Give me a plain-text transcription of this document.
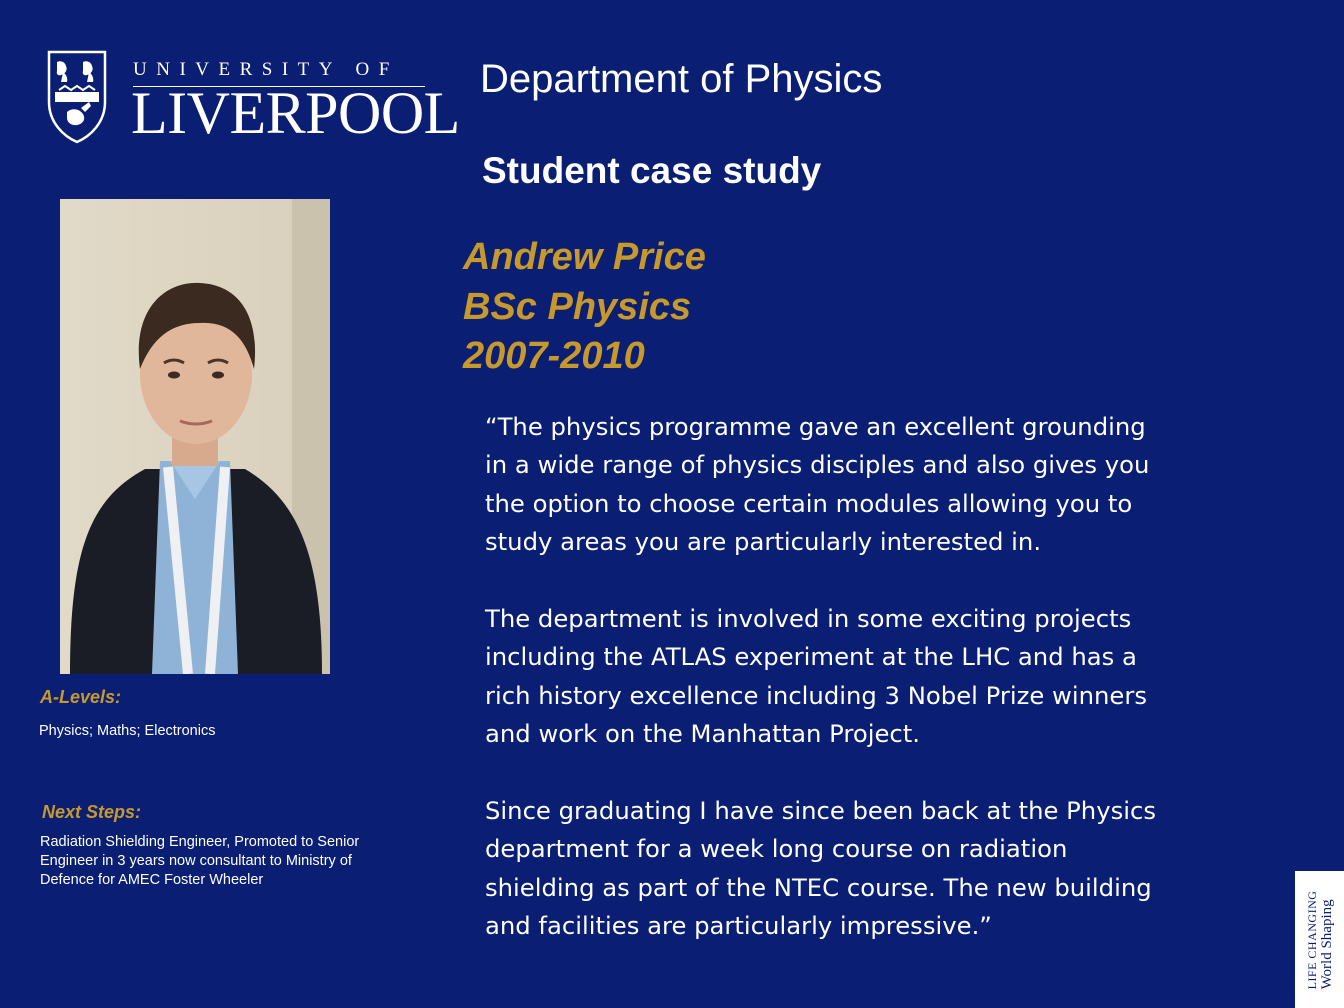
UNIVERSITY OF
LIVERPOOL
Department of Physics
Student case study
Andrew Price
BSc Physics
2007-2010

“The physics programme gave an excellent grounding

in a wide range of physics disciples and also gives you

the option to choose certain modules allowing you to

study areas you are particularly interested in.

The department is involved in some exciting projects

including the ATLAS experiment at the LHC and has a

rich history excellence including 3 Nobel Prize winners

and work on the Manhattan Project.

Since graduating I have since been back at the Physics

department for a week long course on radiation

shielding as part of the NTEC course. The new building

and facilities are particularly impressive.”

A-Levels:
Physics; Maths; Electronics
Next Steps:
Radiation Shielding Engineer, Promoted to Senior
Engineer in 3 years now consultant to Ministry of
Defence for AMEC Foster Wheeler
LIFE CHANGING World Shaping
